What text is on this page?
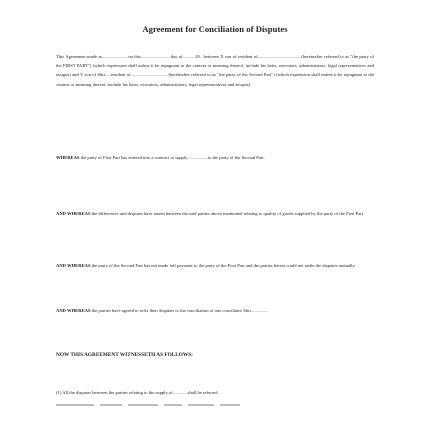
Agreement for Conciliation of Disputes

This Agreement made at.......................on this..........................day of...........20.. between X son of resident of......................................(hereinafter referred to as "the party of the FIRST PART") (which expression shall unless it be repugnant to the context or meaning thereof, include his heirs, executors, administrators, legal representatives and assigns) and Y son of Shri.....resident of.................................(hereinafter referred to as "the party of the Second Part") (which expression shall unless it be repugnant to the context or meaning thereof, include his heirs, executors, administrators, legal representatives and assigns).

WHEREAS the party of First Part has entered into a contract to supply..................to the party of the Second Part.

AND WHEREAS the differences and disputes have arisen between the said parties above mentioned relating to quality of goods supplied by the party of the First Part.

AND WHEREAS the party of the Second Part has not made full payment to the party of the First Part and the parties hereto could not settle the disputes mutually.

AND WHEREAS the parties have agreed to refer their disputes to the conciliation of one conciliator Shri...............

NOW THIS AGREEMENT WITNESSETH AS FOLLOWS:

(1) All the disputes between the parties relating to the supply of.............shall be referred
